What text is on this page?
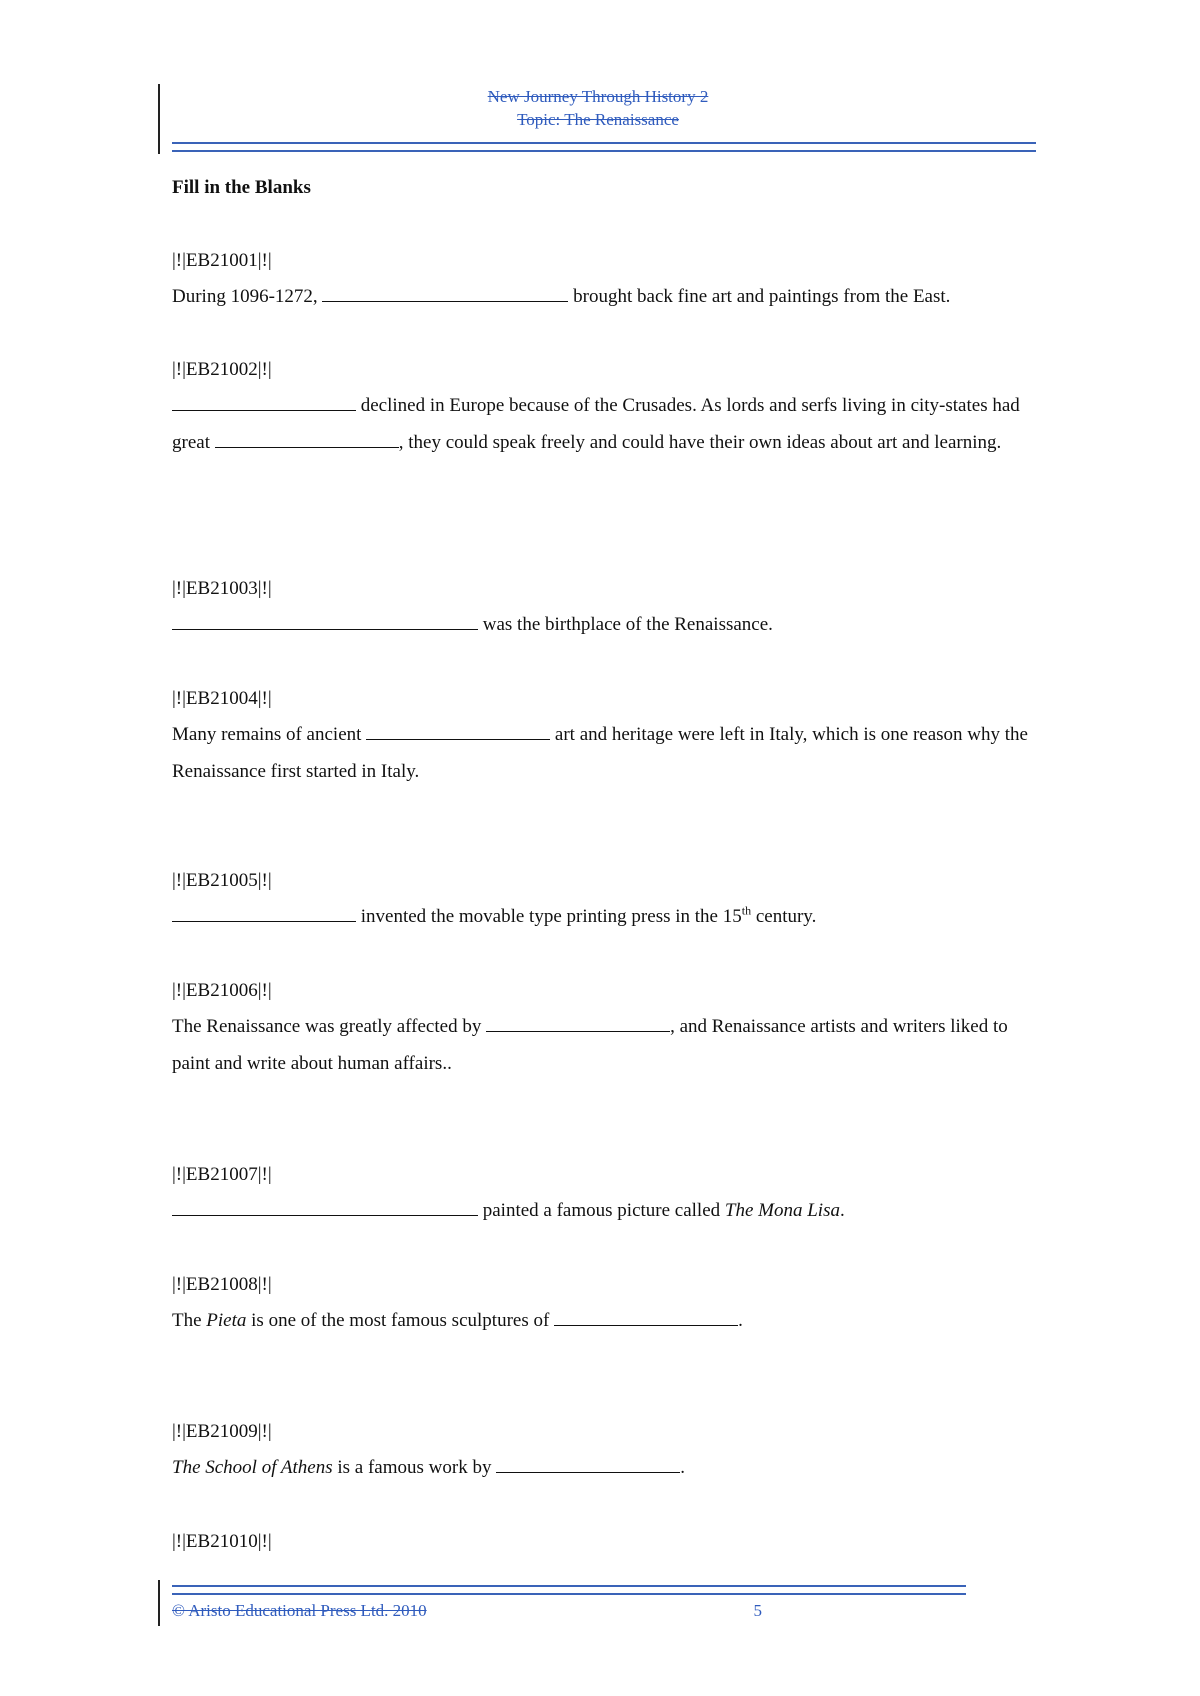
New Journey Through History 2
Topic: The Renaissance
Fill in the Blanks
|!|EB21001|!|

During 1096-1272,	brought back fine art and paintings from the East.

|!|EB21002|!|

declined in Europe because of the Crusades. As lords and serfs living in city-states had great	, they could speak freely and could have their own ideas about art and learning.

|!|EB21003|!|

was the birthplace of the Renaissance.

|!|EB21004|!|

Many remains of ancient	art and heritage were left in Italy, which is one reason why the Renaissance first started in Italy.

|!|EB21005|!|

invented the movable type printing press in the 15th century.

|!|EB21006|!|

The Renaissance was greatly affected by	, and Renaissance artists and writers liked to paint and write about human affairs..

|!|EB21007|!|

painted a famous picture called The Mona Lisa.

|!|EB21008|!|

The Pieta is one of the most famous sculptures of	.

|!|EB21009|!|

The School of Athens is a famous work by	.

|!|EB21010|!|
© Aristo Educational Press Ltd. 2010	5
